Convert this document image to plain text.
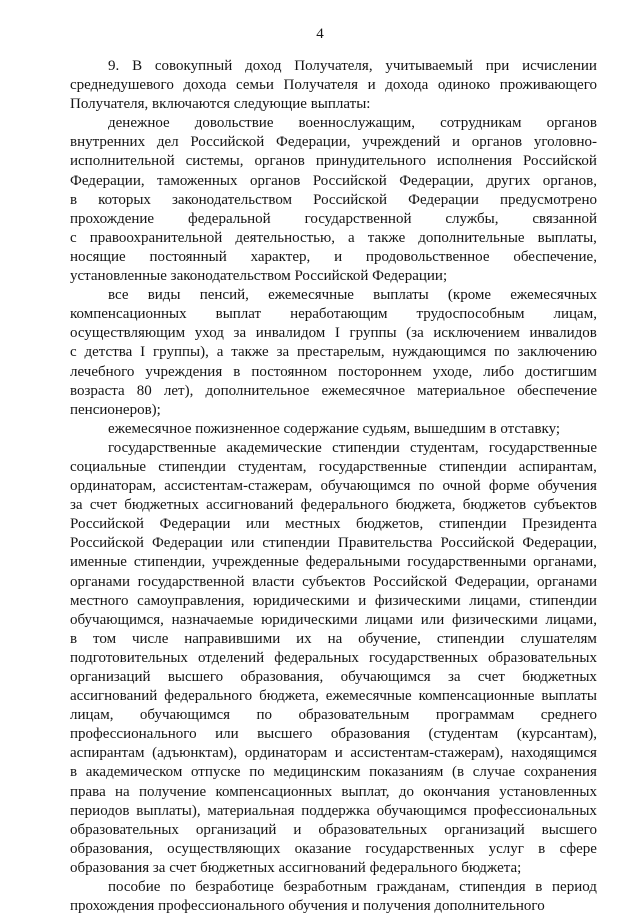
4
9. В совокупный доход Получателя, учитываемый при исчислении
среднедушевого дохода семьи Получателя и дохода одиноко проживающего
Получателя, включаются следующие выплаты:
денежное довольствие военнослужащим, сотрудникам органов
внутренних дел Российской Федерации, учреждений и органов уголовно-
исполнительной системы, органов принудительного исполнения Российской
Федерации, таможенных органов Российской Федерации, других органов,
в которых законодательством Российской Федерации предусмотрено
прохождение федеральной государственной службы, связанной
с правоохранительной деятельностью, а также дополнительные выплаты,
носящие постоянный характер, и продовольственное обеспечение,
установленные законодательством Российской Федерации;
все виды пенсий, ежемесячные выплаты (кроме ежемесячных
компенсационных выплат неработающим трудоспособным лицам,
осуществляющим уход за инвалидом I группы (за исключением инвалидов
с детства I группы), а также за престарелым, нуждающимся по заключению
лечебного учреждения в постоянном постороннем уходе, либо достигшим
возраста 80 лет), дополнительное ежемесячное материальное обеспечение
пенсионеров);
ежемесячное пожизненное содержание судьям, вышедшим в отставку;
государственные академические стипендии студентам, государственные
социальные стипендии студентам, государственные стипендии аспирантам,
ординаторам, ассистентам-стажерам, обучающимся по очной форме обучения
за счет бюджетных ассигнований федерального бюджета, бюджетов субъектов
Российской Федерации или местных бюджетов, стипендии Президента
Российской Федерации или стипендии Правительства Российской Федерации,
именные стипендии, учрежденные федеральными государственными органами,
органами государственной власти субъектов Российской Федерации, органами
местного самоуправления, юридическими и физическими лицами, стипендии
обучающимся, назначаемые юридическими лицами или физическими лицами,
в том числе направившими их на обучение, стипендии слушателям
подготовительных отделений федеральных государственных образовательных
организаций высшего образования, обучающимся за счет бюджетных
ассигнований федерального бюджета, ежемесячные компенсационные выплаты
лицам, обучающимся по образовательным программам среднего
профессионального или высшего образования (студентам (курсантам),
аспирантам (адъюнктам), ординаторам и ассистентам-стажерам), находящимся
в академическом отпуске по медицинским показаниям (в случае сохранения
права на получение компенсационных выплат, до окончания установленных
периодов выплаты), материальная поддержка обучающимся профессиональных
образовательных организаций и образовательных организаций высшего
образования, осуществляющих оказание государственных услуг в сфере
образования за счет бюджетных ассигнований федерального бюджета;
пособие по безработице безработным гражданам, стипендия в период
прохождения профессионального обучения и получения дополнительного
